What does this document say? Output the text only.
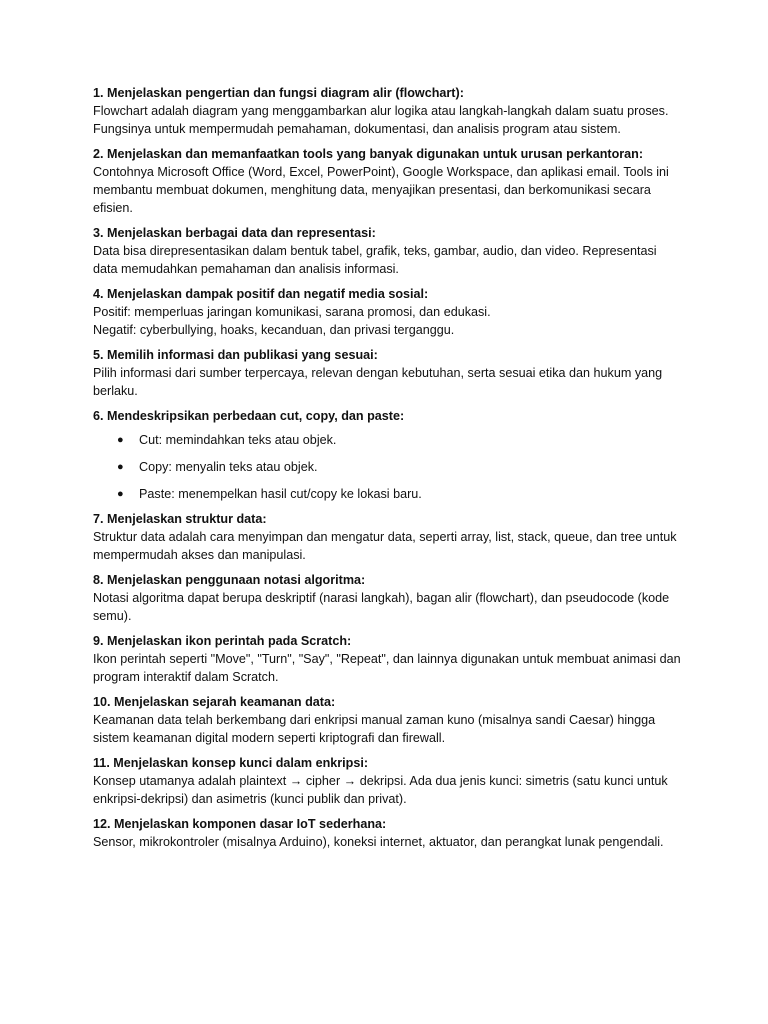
1. Menjelaskan pengertian dan fungsi diagram alir (flowchart):

Flowchart adalah diagram yang menggambarkan alur logika atau langkah-langkah dalam suatu proses. Fungsinya untuk mempermudah pemahaman, dokumentasi, dan analisis program atau sistem.

2. Menjelaskan dan memanfaatkan tools yang banyak digunakan untuk urusan perkantoran:

Contohnya Microsoft Office (Word, Excel, PowerPoint), Google Workspace, dan aplikasi email. Tools ini membantu membuat dokumen, menghitung data, menyajikan presentasi, dan berkomunikasi secara efisien.

3. Menjelaskan berbagai data dan representasi:

Data bisa direpresentasikan dalam bentuk tabel, grafik, teks, gambar, audio, dan video. Representasi data memudahkan pemahaman dan analisis informasi.

4. Menjelaskan dampak positif dan negatif media sosial:

Positif: memperluas jaringan komunikasi, sarana promosi, dan edukasi.

Negatif: cyberbullying, hoaks, kecanduan, dan privasi terganggu.

5. Memilih informasi dan publikasi yang sesuai:

Pilih informasi dari sumber terpercaya, relevan dengan kebutuhan, serta sesuai etika dan hukum yang berlaku.

6. Mendeskripsikan perbedaan cut, copy, dan paste:

● Cut: memindahkan teks atau objek.
● Copy: menyalin teks atau objek.
● Paste: menempelkan hasil cut/copy ke lokasi baru.

7. Menjelaskan struktur data:

Struktur data adalah cara menyimpan dan mengatur data, seperti array, list, stack, queue, dan tree untuk mempermudah akses dan manipulasi.

8. Menjelaskan penggunaan notasi algoritma:

Notasi algoritma dapat berupa deskriptif (narasi langkah), bagan alir (flowchart), dan pseudocode (kode semu).

9. Menjelaskan ikon perintah pada Scratch:

Ikon perintah seperti "Move", "Turn", "Say", "Repeat", dan lainnya digunakan untuk membuat animasi dan program interaktif dalam Scratch.

10. Menjelaskan sejarah keamanan data:

Keamanan data telah berkembang dari enkripsi manual zaman kuno (misalnya sandi Caesar) hingga sistem keamanan digital modern seperti kriptografi dan firewall.

11. Menjelaskan konsep kunci dalam enkripsi:

Konsep utamanya adalah plaintext → cipher → dekripsi. Ada dua jenis kunci: simetris (satu kunci untuk enkripsi-dekripsi) dan asimetris (kunci publik dan privat).

12. Menjelaskan komponen dasar IoT sederhana:

Sensor, mikrokontroler (misalnya Arduino), koneksi internet, aktuator, dan perangkat lunak pengendali.
